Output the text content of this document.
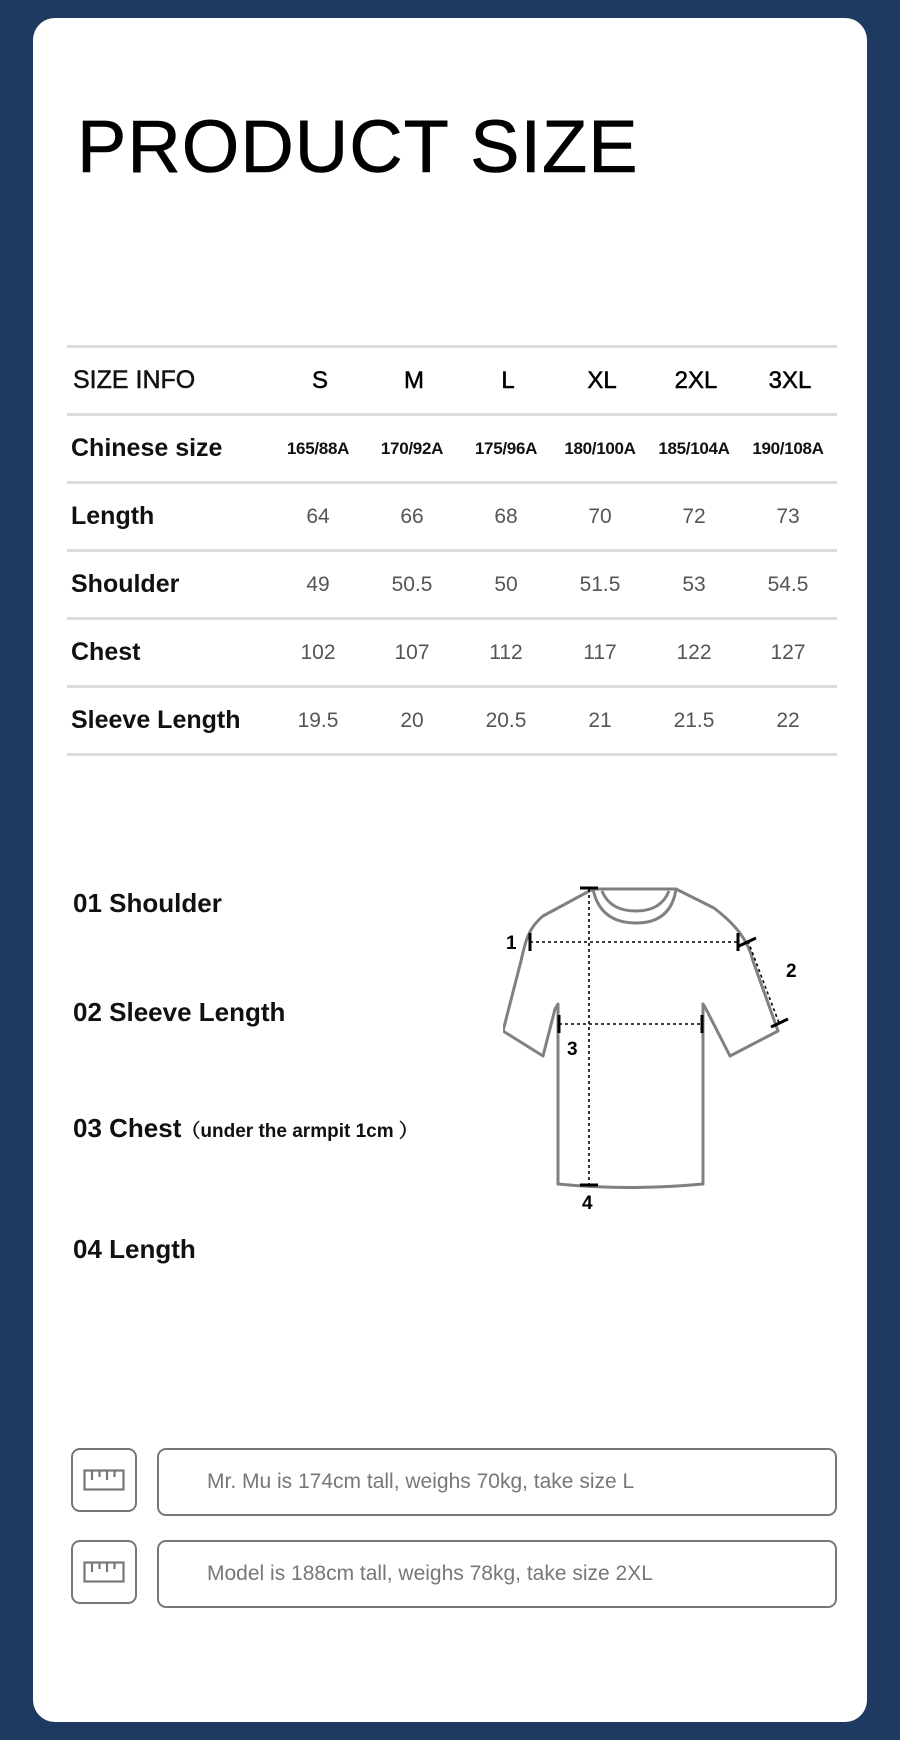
PRODUCT SIZE
SIZE INFO	S	M	L	XL	2XL	3XL
Chinese size	165/88A	170/92A	175/96A	180/100A	185/104A	190/108A
Length	64	66	68	70	72	73
Shoulder	49	50.5	50	51.5	53	54.5
Chest	102	107	112	117	122	127
Sleeve Length	19.5	20	20.5	21	21.5	22
01 Shoulder
02 Sleeve Length
03 Chest（under the armpit 1cm ）
04 Length
1
2
3
4
Mr. Mu is 174cm tall, weighs 70kg, take size L
Model is 188cm tall, weighs 78kg, take size 2XL
